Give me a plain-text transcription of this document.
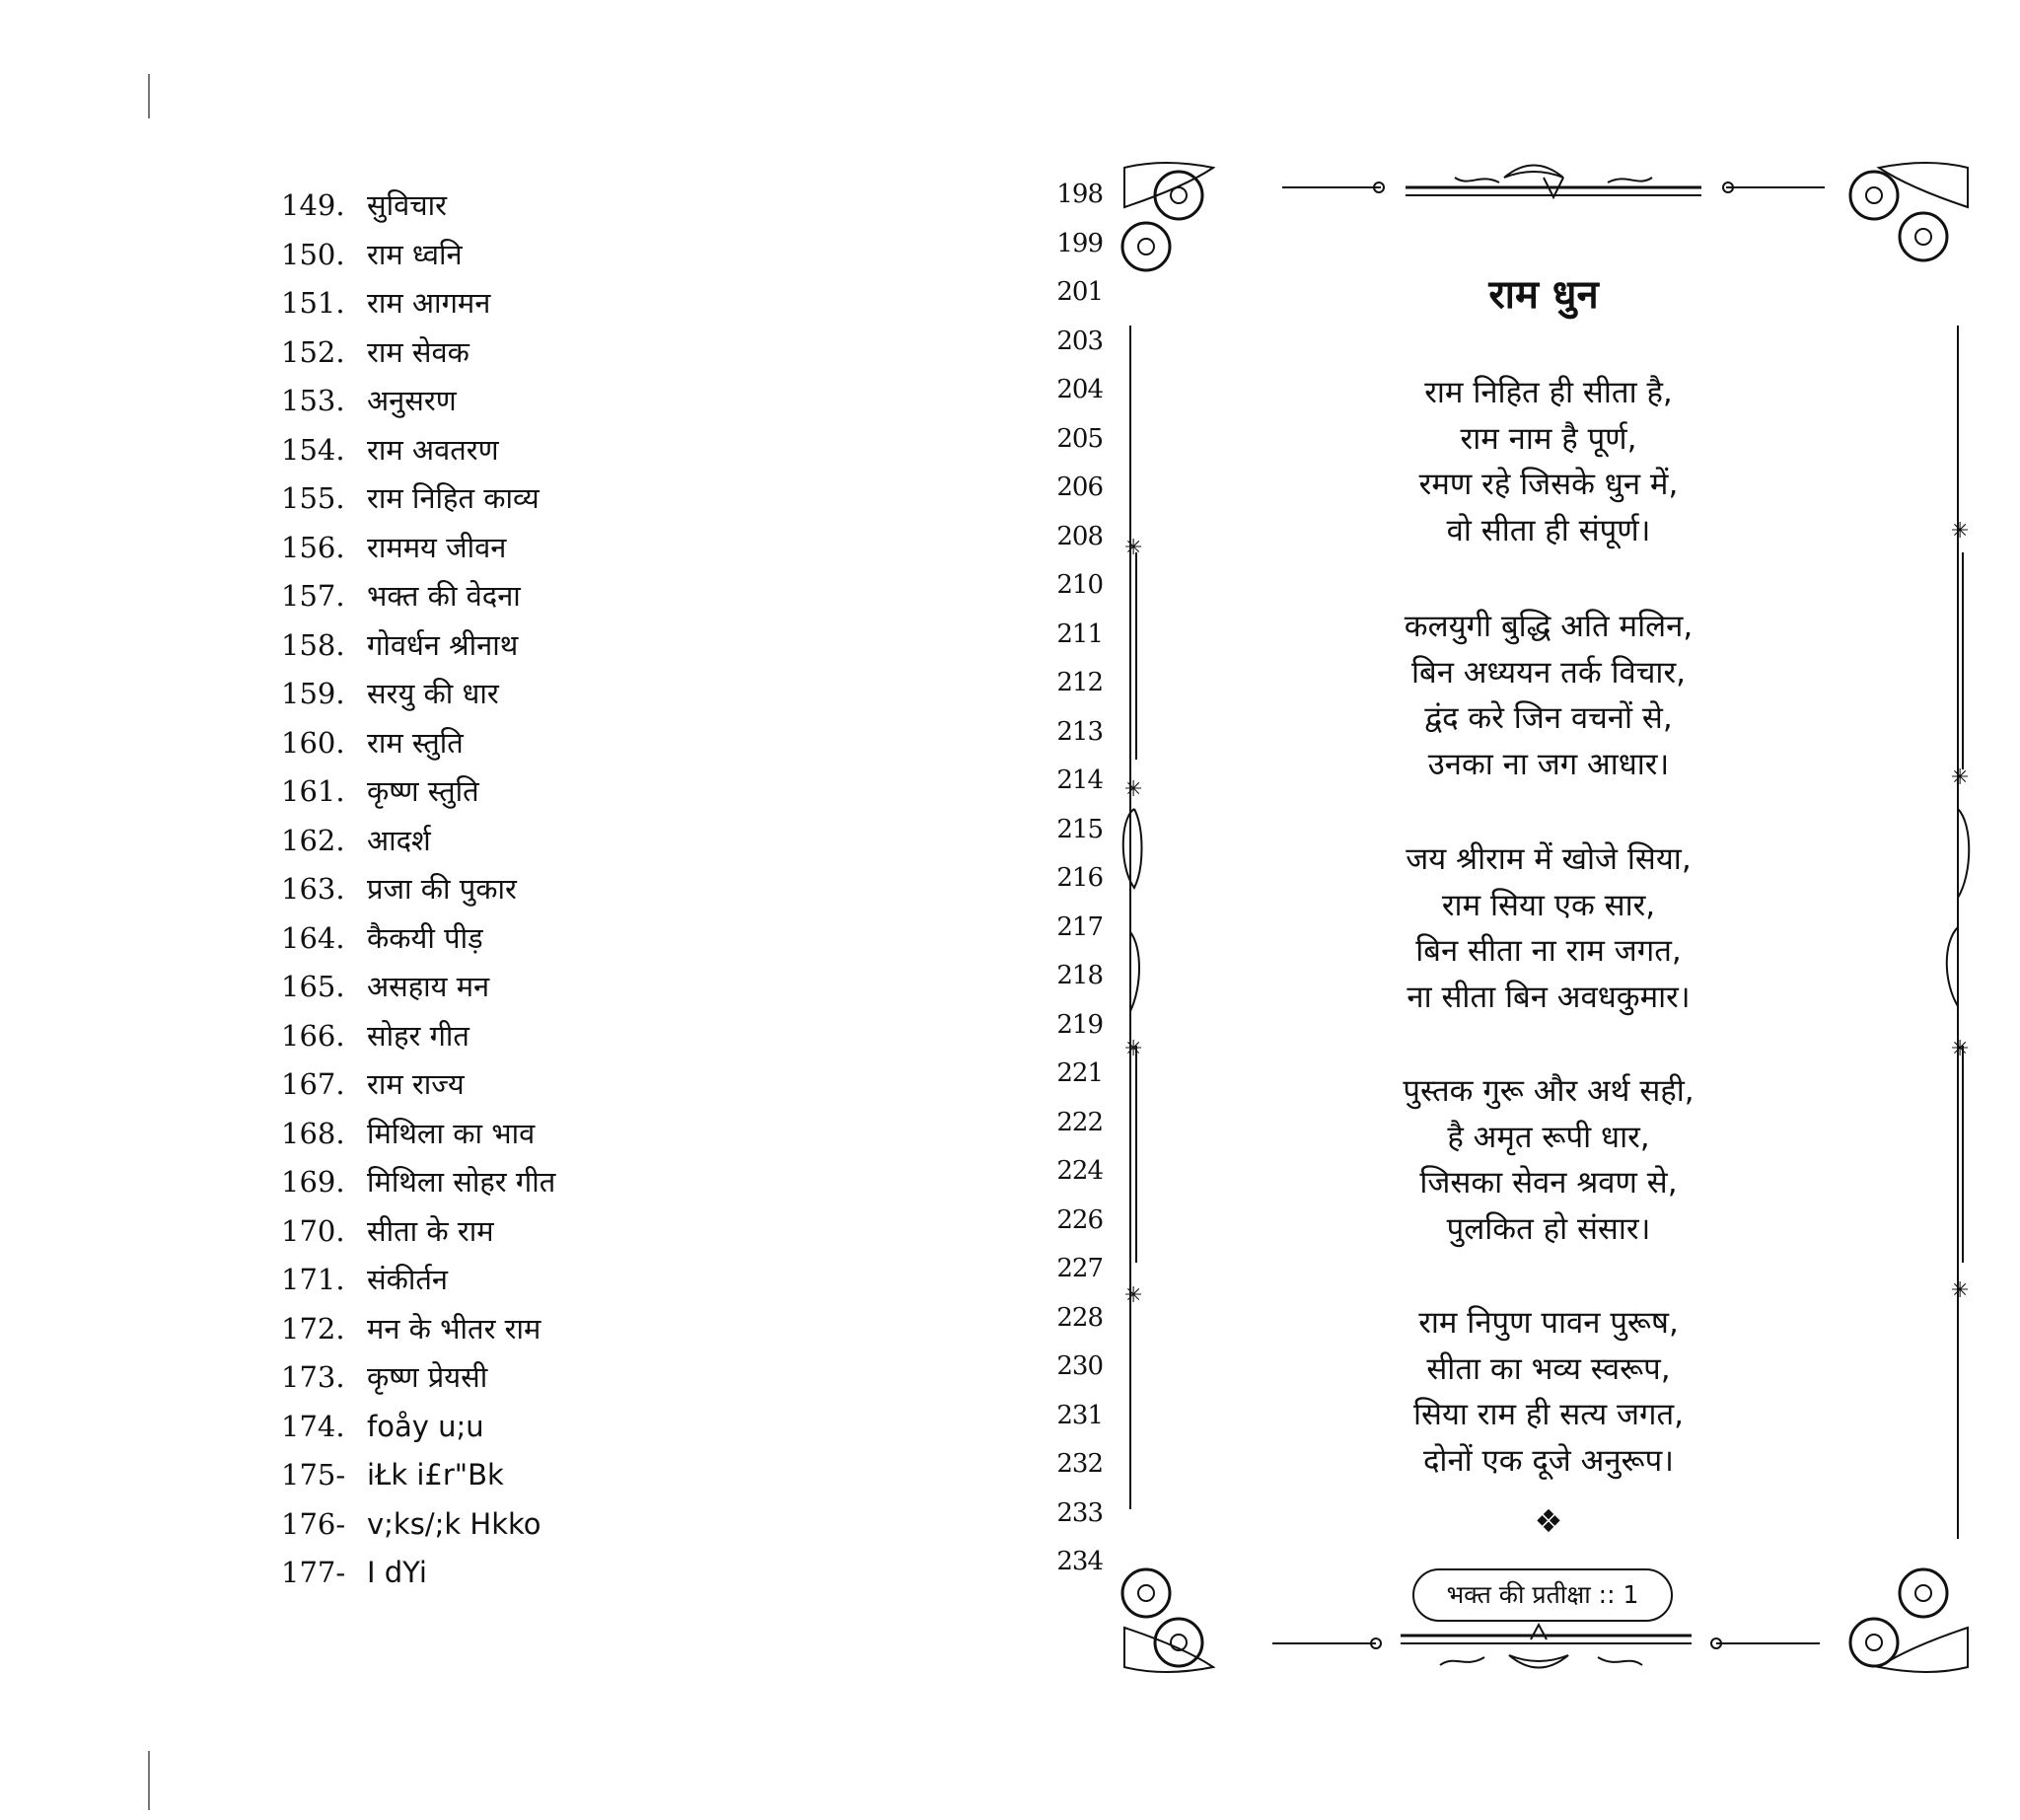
149. सुविचार
150. राम ध्वनि
151. राम आगमन
152. राम सेवक
153. अनुसरण
154. राम अवतरण
155. राम निहित काव्य
156. राममय जीवन
157. भक्त की वेदना
158. गोवर्धन श्रीनाथ
159. सरयु की धार
160. राम स्तुति
161. कृष्ण स्तुति
162. आदर्श
163. प्रजा की पुकार
164. कैकयी पीड़
165. असहाय मन
166. सोहर गीत
167. राम राज्य
168. मिथिला का भाव
169. मिथिला सोहर गीत
170. सीता के राम
171. संकीर्तन
172. मन के भीतर राम
173. कृष्ण प्रेयसी
174. foåy u;u
175- iŁk i£r"Bk
176- v;ks/;k Hkko
177- I dYi
198
199
201
203
204
205
206
208
210
211
212
213
214
215
216
217
218
219
221
222
224
226
227
228
230
231
232
233
234
✳
✳
✳
✳
✳
✳
✳
✳
राम धुन
राम निहित ही सीता है,
राम नाम है पूर्ण,
रमण रहे जिसके धुन में,
वो सीता ही संपूर्ण।
कलयुगी बुद्धि अति मलिन,
बिन अध्ययन तर्क विचार,
द्वंद करे जिन वचनों से,
उनका ना जग आधार।
जय श्रीराम में खोजे सिया,
राम सिया एक सार,
बिन सीता ना राम जगत,
ना सीता बिन अवधकुमार।
पुस्तक गुरू और अर्थ सही,
है अमृत रूपी धार,
जिसका सेवन श्रवण से,
पुलकित हो संसार।
राम निपुण पावन पुरूष,
सीता का भव्य स्वरूप,
सिया राम ही सत्य जगत,
दोनों एक दूजे अनुरूप।
❖
भक्त की प्रतीक्षा :: 1
